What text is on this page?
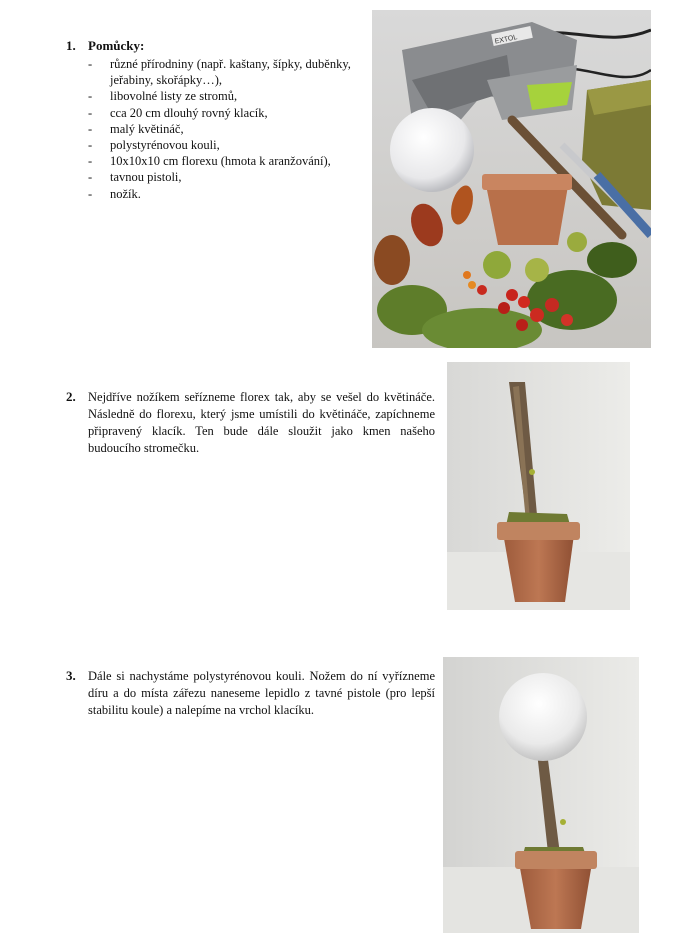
1. Pomůcky:
- různé přírodniny (např. kaštany, šípky, duběnky, jeřabiny, skořápky…),
- libovolné listy ze stromů,
- cca 20 cm dlouhý rovný klacík,
- malý květináč,
- polystyrénovou kouli,
- 10x10x10 cm florexu (hmota k aranžování),
- tavnou pistoli,
- nožík.
EXTOL
2. Nejdříve nožíkem seřízneme florex tak, aby se vešel do květináče. Následně do florexu, který jsme umístili do květináče, zapíchneme připravený klacík. Ten bude dále sloužit jako kmen našeho budoucího stromečku.

3. Dále si nachystáme polystyrénovou kouli. Nožem do ní vyřízneme díru a do místa zářezu naneseme lepidlo z tavné pistole (pro lepší stabilitu koule) a nalepíme na vrchol klacíku.
